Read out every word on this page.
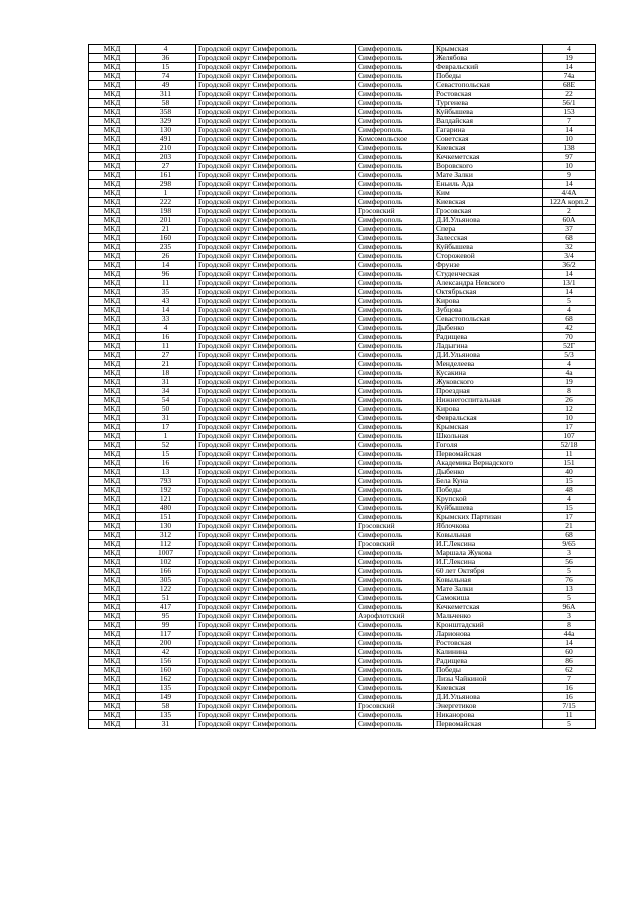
МКД	4	Городской округ Симферополь	Симферополь	Крымская	4
МКД	36	Городской округ Симферополь	Симферополь	Желябова	19
МКД	15	Городской округ Симферополь	Симферополь	Февральский	14
МКД	74	Городской округ Симферополь	Симферополь	Победы	74а
МКД	49	Городской округ Симферополь	Симферополь	Севастопольская	68Е
МКД	311	Городской округ Симферополь	Симферополь	Ростовская	22
МКД	58	Городской округ Симферополь	Симферополь	Тургенева	56/1
МКД	358	Городской округ Симферополь	Симферополь	Куйбышева	153
МКД	329	Городской округ Симферополь	Симферополь	Валдайская	7
МКД	130	Городской округ Симферополь	Симферополь	Гагарина	14
МКД	491	Городской округ Симферополь	Комсомольское	Советская	10
МКД	210	Городской округ Симферополь	Симферополь	Киевская	138
МКД	203	Городской округ Симферополь	Симферополь	Кечкеметская	97
МКД	27	Городской округ Симферополь	Симферополь	Воровского	10
МКД	161	Городской округ Симферополь	Симферополь	Мате Залки	9
МКД	298	Городской округ Симферополь	Симферополь	Еньиль Ада	14
МКД	1	Городской округ Симферополь	Симферополь	Ким	4/4А
МКД	222	Городской округ Симферополь	Симферополь	Киевская	122А корп.2
МКД	198	Городской округ Симферополь	Грэсовский	Грэсовская	2
МКД	201	Городской округ Симферополь	Симферополь	Д.И.Ульянова	60А
МКД	21	Городской округ Симферополь	Симферополь	Спера	37
МКД	160	Городской округ Симферополь	Симферополь	Залесская	68
МКД	235	Городской округ Симферополь	Симферополь	Куйбышева	32
МКД	26	Городской округ Симферополь	Симферополь	Сторожевой	3/4
МКД	14	Городской округ Симферополь	Симферополь	Фрунзе	36/2
МКД	96	Городской округ Симферополь	Симферополь	Студенческая	14
МКД	11	Городской округ Симферополь	Симферополь	Александра Невского	13/1
МКД	35	Городской округ Симферополь	Симферополь	Октябрьская	14
МКД	43	Городской округ Симферополь	Симферополь	Кирова	5
МКД	14	Городской округ Симферополь	Симферополь	Зубцова	4
МКД	33	Городской округ Симферополь	Симферополь	Севастопольская	68
МКД	4	Городской округ Симферополь	Симферополь	Дыбенко	42
МКД	16	Городской округ Симферополь	Симферополь	Радищева	70
МКД	11	Городской округ Симферополь	Симферополь	Ладыгина	52Г
МКД	27	Городской округ Симферополь	Симферополь	Д.И.Ульянова	5/3
МКД	21	Городской округ Симферополь	Симферополь	Менделеева	4
МКД	18	Городской округ Симферополь	Симферополь	Кусакина	4а
МКД	31	Городской округ Симферополь	Симферополь	Жуковского	19
МКД	34	Городской округ Симферополь	Симферополь	Проездная	8
МКД	54	Городской округ Симферополь	Симферополь	Нижнегоспитальная	26
МКД	50	Городской округ Симферополь	Симферополь	Кирова	12
МКД	31	Городской округ Симферополь	Симферополь	Февральская	10
МКД	17	Городской округ Симферополь	Симферополь	Крымская	17
МКД	1	Городской округ Симферополь	Симферополь	Школьная	107
МКД	52	Городской округ Симферополь	Симферополь	Гоголя	52/18
МКД	15	Городской округ Симферополь	Симферополь	Первомайская	11
МКД	16	Городской округ Симферополь	Симферополь	Академика Вернадского	151
МКД	13	Городской округ Симферополь	Симферополь	Дыбенко	40
МКД	793	Городской округ Симферополь	Симферополь	Бела Куна	15
МКД	192	Городской округ Симферополь	Симферополь	Победы	48
МКД	121	Городской округ Симферополь	Симферополь	Крупской	4
МКД	480	Городской округ Симферополь	Симферополь	Куйбышева	15
МКД	151	Городской округ Симферополь	Симферополь	Крымских Партизан	17
МКД	130	Городской округ Симферополь	Грэсовский	Яблочкова	21
МКД	312	Городской округ Симферополь	Симферополь	Ковыльная	68
МКД	112	Городской округ Симферополь	Грэсовский	И.Г.Лексина	9/65
МКД	1007	Городской округ Симферополь	Симферополь	Маршала Жукова	3
МКД	102	Городской округ Симферополь	Симферополь	И.Г.Лексина	56
МКД	166	Городской округ Симферополь	Симферополь	60 лет Октября	5
МКД	305	Городской округ Симферополь	Симферополь	Ковыльная	76
МКД	122	Городской округ Симферополь	Симферополь	Мате Залки	13
МКД	51	Городской округ Симферополь	Симферополь	Самокиша	5
МКД	417	Городской округ Симферополь	Симферополь	Кечкеметская	96А
МКД	95	Городской округ Симферополь	Аэрофлотский	Мальченко	3
МКД	99	Городской округ Симферополь	Симферополь	Кронштадский	8
МКД	117	Городской округ Симферополь	Симферополь	Ларионова	44а
МКД	200	Городской округ Симферополь	Симферополь	Ростовская	14
МКД	42	Городской округ Симферополь	Симферополь	Калинина	60
МКД	156	Городской округ Симферополь	Симферополь	Радищева	86
МКД	160	Городской округ Симферополь	Симферополь	Победы	62
МКД	162	Городской округ Симферополь	Симферополь	Лизы Чайкиной	7
МКД	135	Городской округ Симферополь	Симферополь	Киевская	16
МКД	149	Городской округ Симферополь	Симферополь	Д.И.Ульянова	16
МКД	58	Городской округ Симферополь	Грэсовский	Энергетиков	7/15
МКД	135	Городской округ Симферополь	Симферополь	Никанорова	11
МКД	31	Городской округ Симферополь	Симферополь	Первомайская	5
